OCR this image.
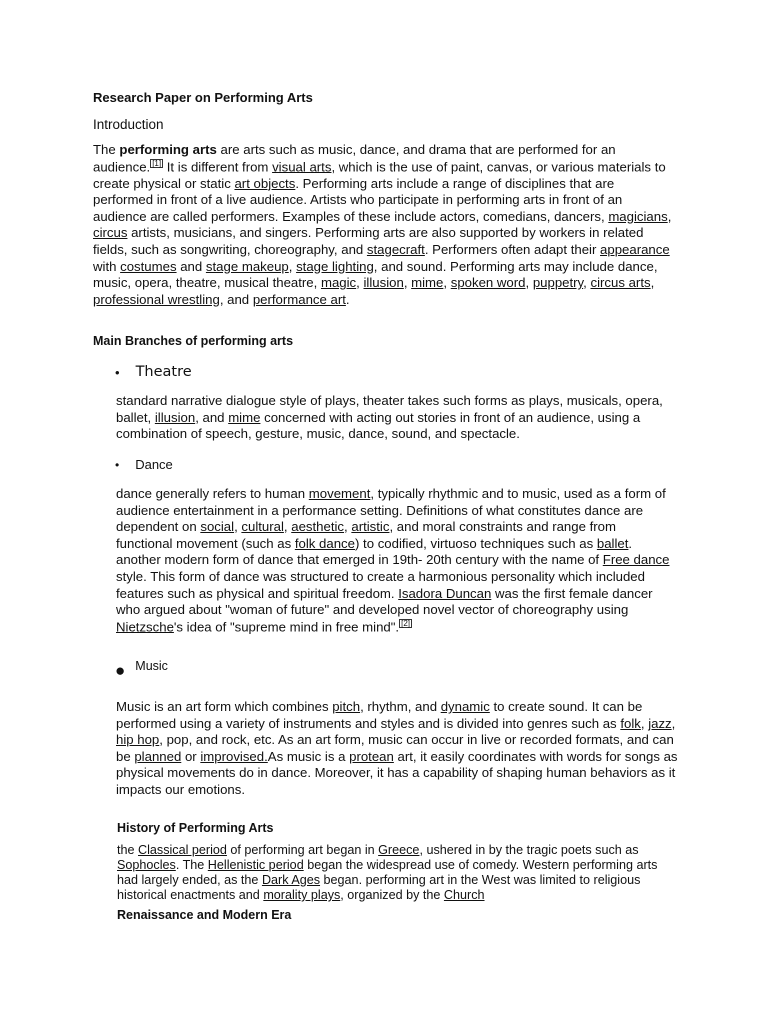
Research Paper on Performing Arts
Introduction
The performing arts are arts such as music, dance, and drama that are performed for an audience. [1] It is different from visual arts, which is the use of paint, canvas, or various materials to create physical or static art objects. Performing arts include a range of disciplines that are performed in front of a live audience. Artists who participate in performing arts in front of an audience are called performers. Examples of these include actors, comedians, dancers, magicians, circus artists, musicians, and singers. Performing arts are also supported by workers in related fields, such as songwriting, choreography, and stagecraft. Performers often adapt their appearance with costumes and stage makeup, stage lighting, and sound. Performing arts may include dance, music, opera, theatre, musical theatre, magic, illusion, mime, spoken word, puppetry, circus arts, professional wrestling, and performance art.
Main Branches of performing arts
• Theatre
standard narrative dialogue style of plays, theater takes such forms as plays, musicals, opera, ballet, illusion, and mime concerned with acting out stories in front of an audience, using a combination of speech, gesture, music, dance, sound, and spectacle.
• Dance
dance generally refers to human movement, typically rhythmic and to music, used as a form of audience entertainment in a performance setting. Definitions of what constitutes dance are dependent on social, cultural, aesthetic, artistic, and moral constraints and range from functional movement (such as folk dance) to codified, virtuoso techniques such as ballet. another modern form of dance that emerged in 19th- 20th century with the name of Free dance style. This form of dance was structured to create a harmonious personality which included features such as physical and spiritual freedom. Isadora Duncan was the first female dancer who argued about "woman of future" and developed novel vector of choreography using Nietzsche's idea of "supreme mind in free mind". [2]
● Music
Music is an art form which combines pitch, rhythm, and dynamic to create sound. It can be performed using a variety of instruments and styles and is divided into genres such as folk, jazz, hip hop, pop, and rock, etc. As an art form, music can occur in live or recorded formats, and can be planned or improvised.As music is a protean art, it easily coordinates with words for songs as physical movements do in dance. Moreover, it has a capability of shaping human behaviors as it impacts our emotions.
History of Performing Arts
the Classical period of performing art began in Greece, ushered in by the tragic poets such as Sophocles. The Hellenistic period began the widespread use of comedy. Western performing arts had largely ended, as the Dark Ages began. performing art in the West was limited to religious historical enactments and morality plays, organized by the Church
Renaissance and Modern Era
